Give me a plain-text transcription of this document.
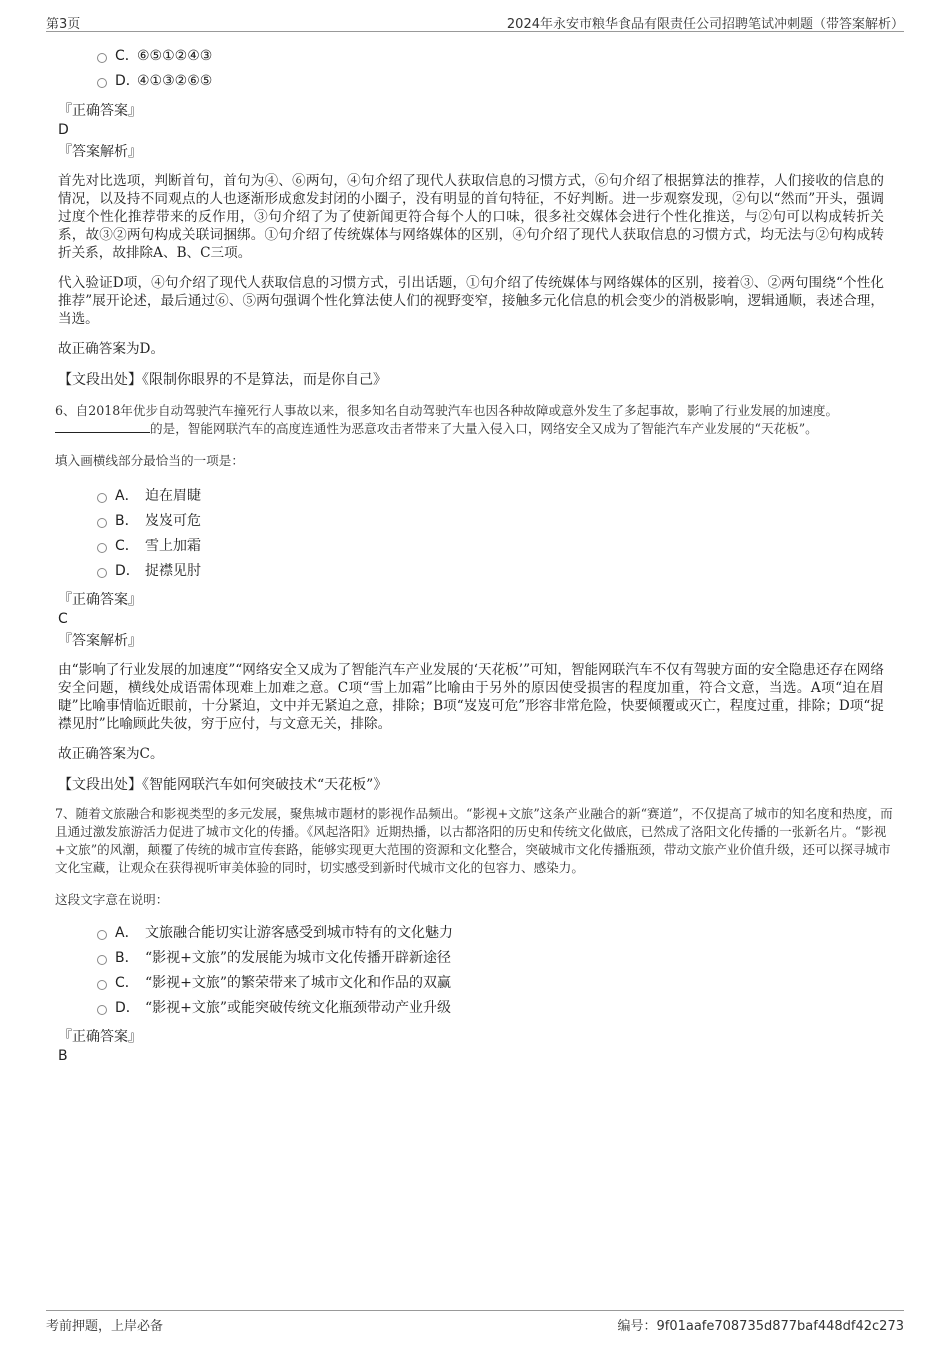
第3页	2024年永安市粮华食品有限责任公司招聘笔试冲刺题（带答案解析）
C．
⑥⑤①②④③
D．
④①③②⑥⑤
『正确答案』
D
『答案解析』
首先对比选项，判断首句，首句为④、⑥两句，④句介绍了现代人获取信息的习惯方式，⑥句介绍了根据算法的推荐，人们接收的信息的情况，以及持不同观点的人也逐渐形成愈发封闭的小圈子，没有明显的首句特征，不好判断。进一步观察发现，②句以“然而”开头，强调过度个性化推荐带来的反作用，③句介绍了为了使新闻更符合每个人的口味，很多社交媒体会进行个性化推送，与②句可以构成转折关系，故③②两句构成关联词捆绑。①句介绍了传统媒体与网络媒体的区别，④句介绍了现代人获取信息的习惯方式，均无法与②句构成转折关系，故排除A、B、C三项。
代入验证D项，④句介绍了现代人获取信息的习惯方式，引出话题，①句介绍了传统媒体与网络媒体的区别，接着③、②两句围绕“个性化推荐”展开论述，最后通过⑥、⑤两句强调个性化算法使人们的视野变窄，接触多元化信息的机会变少的消极影响，逻辑通顺，表述合理，当选。
故正确答案为D。
【文段出处】《限制你眼界的不是算法，而是你自己》
6、自2018年优步自动驾驶汽车撞死行人事故以来，很多知名自动驾驶汽车也因各种故障或意外发生了多起事故，影响了行业发展的加速度。
的是，智能网联汽车的高度连通性为恶意攻击者带来了大量入侵入口，网络安全又成为了智能汽车产业发展的“天花板”。
填入画横线部分最恰当的一项是：
A． 迫在眉睫
B． 岌岌可危
C． 雪上加霜
D． 捉襟见肘
『正确答案』
C
『答案解析』
由“影响了行业发展的加速度”“网络安全又成为了智能汽车产业发展的‘天花板’”可知，智能网联汽车不仅有驾驶方面的安全隐患还存在网络安全问题，横线处成语需体现难上加难之意。C项“雪上加霜”比喻由于另外的原因使受损害的程度加重，符合文意，当选。A项“迫在眉睫”比喻事情临近眼前，十分紧迫，文中并无紧迫之意，排除；B项“岌岌可危”形容非常危险，快要倾覆或灭亡，程度过重，排除；D项“捉襟见肘”比喻顾此失彼，穷于应付，与文意无关，排除。
故正确答案为C。
【文段出处】《智能网联汽车如何突破技术“天花板”》
7、随着文旅融合和影视类型的多元发展，聚焦城市题材的影视作品频出。“影视+文旅”这条产业融合的新“赛道”，不仅提高了城市的知名度和热度，而且通过激发旅游活力促进了城市文化的传播。《风起洛阳》近期热播，以古都洛阳的历史和传统文化做底，已然成了洛阳文化传播的一张新名片。“影视+文旅”的风潮，颠覆了传统的城市宣传套路，能够实现更大范围的资源和文化整合，突破城市文化传播瓶颈，带动文旅产业价值升级，还可以探寻城市文化宝藏，让观众在获得视听审美体验的同时，切实感受到新时代城市文化的包容力、感染力。
这段文字意在说明：
A． 文旅融合能切实让游客感受到城市特有的文化魅力
B． “影视+文旅”的发展能为城市文化传播开辟新途径
C． “影视+文旅”的繁荣带来了城市文化和作品的双赢
D． “影视+文旅”或能突破传统文化瓶颈带动产业升级
『正确答案』
B
考前押题，上岸必备	编号：9f01aafe708735d877baf448df42c273
